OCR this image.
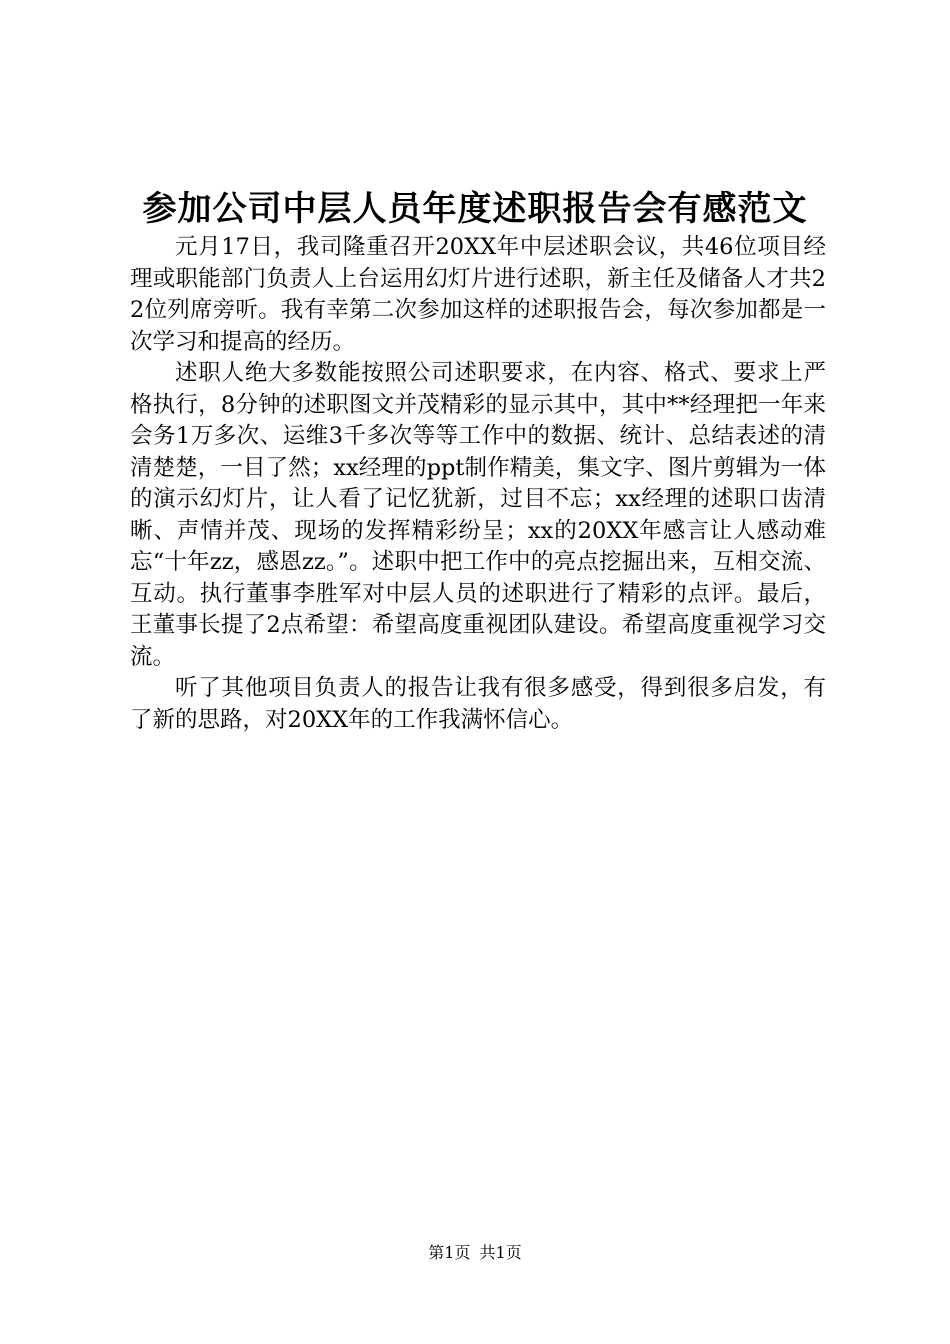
参加公司中层人员年度述职报告会有感范文

元月17日，我司隆重召开20XX年中层述职会议，共46位项目经理或职能部门负责人上台运用幻灯片进行述职，新主任及储备人才共22位列席旁听。我有幸第二次参加这样的述职报告会，每次参加都是一次学习和提高的经历。

述职人绝大多数能按照公司述职要求，在内容、格式、要求上严格执行，8分钟的述职图文并茂精彩的显示其中，其中**经理把一年来会务1万多次、运维3千多次等等工作中的数据、统计、总结表述的清清楚楚，一目了然；xx经理的ppt制作精美，集文字、图片剪辑为一体的演示幻灯片，让人看了记忆犹新，过目不忘；xx经理的述职口齿清晰、声情并茂、现场的发挥精彩纷呈；xx的20XX年感言让人感动难忘“十年zz，感恩zz。”。述职中把工作中的亮点挖掘出来，互相交流、互动。执行董事李胜军对中层人员的述职进行了精彩的点评。最后，王董事长提了2点希望：希望高度重视团队建设。希望高度重视学习交流。

听了其他项目负责人的报告让我有很多感受，得到很多启发，有了新的思路，对20XX年的工作我满怀信心。

第1页 共1页
